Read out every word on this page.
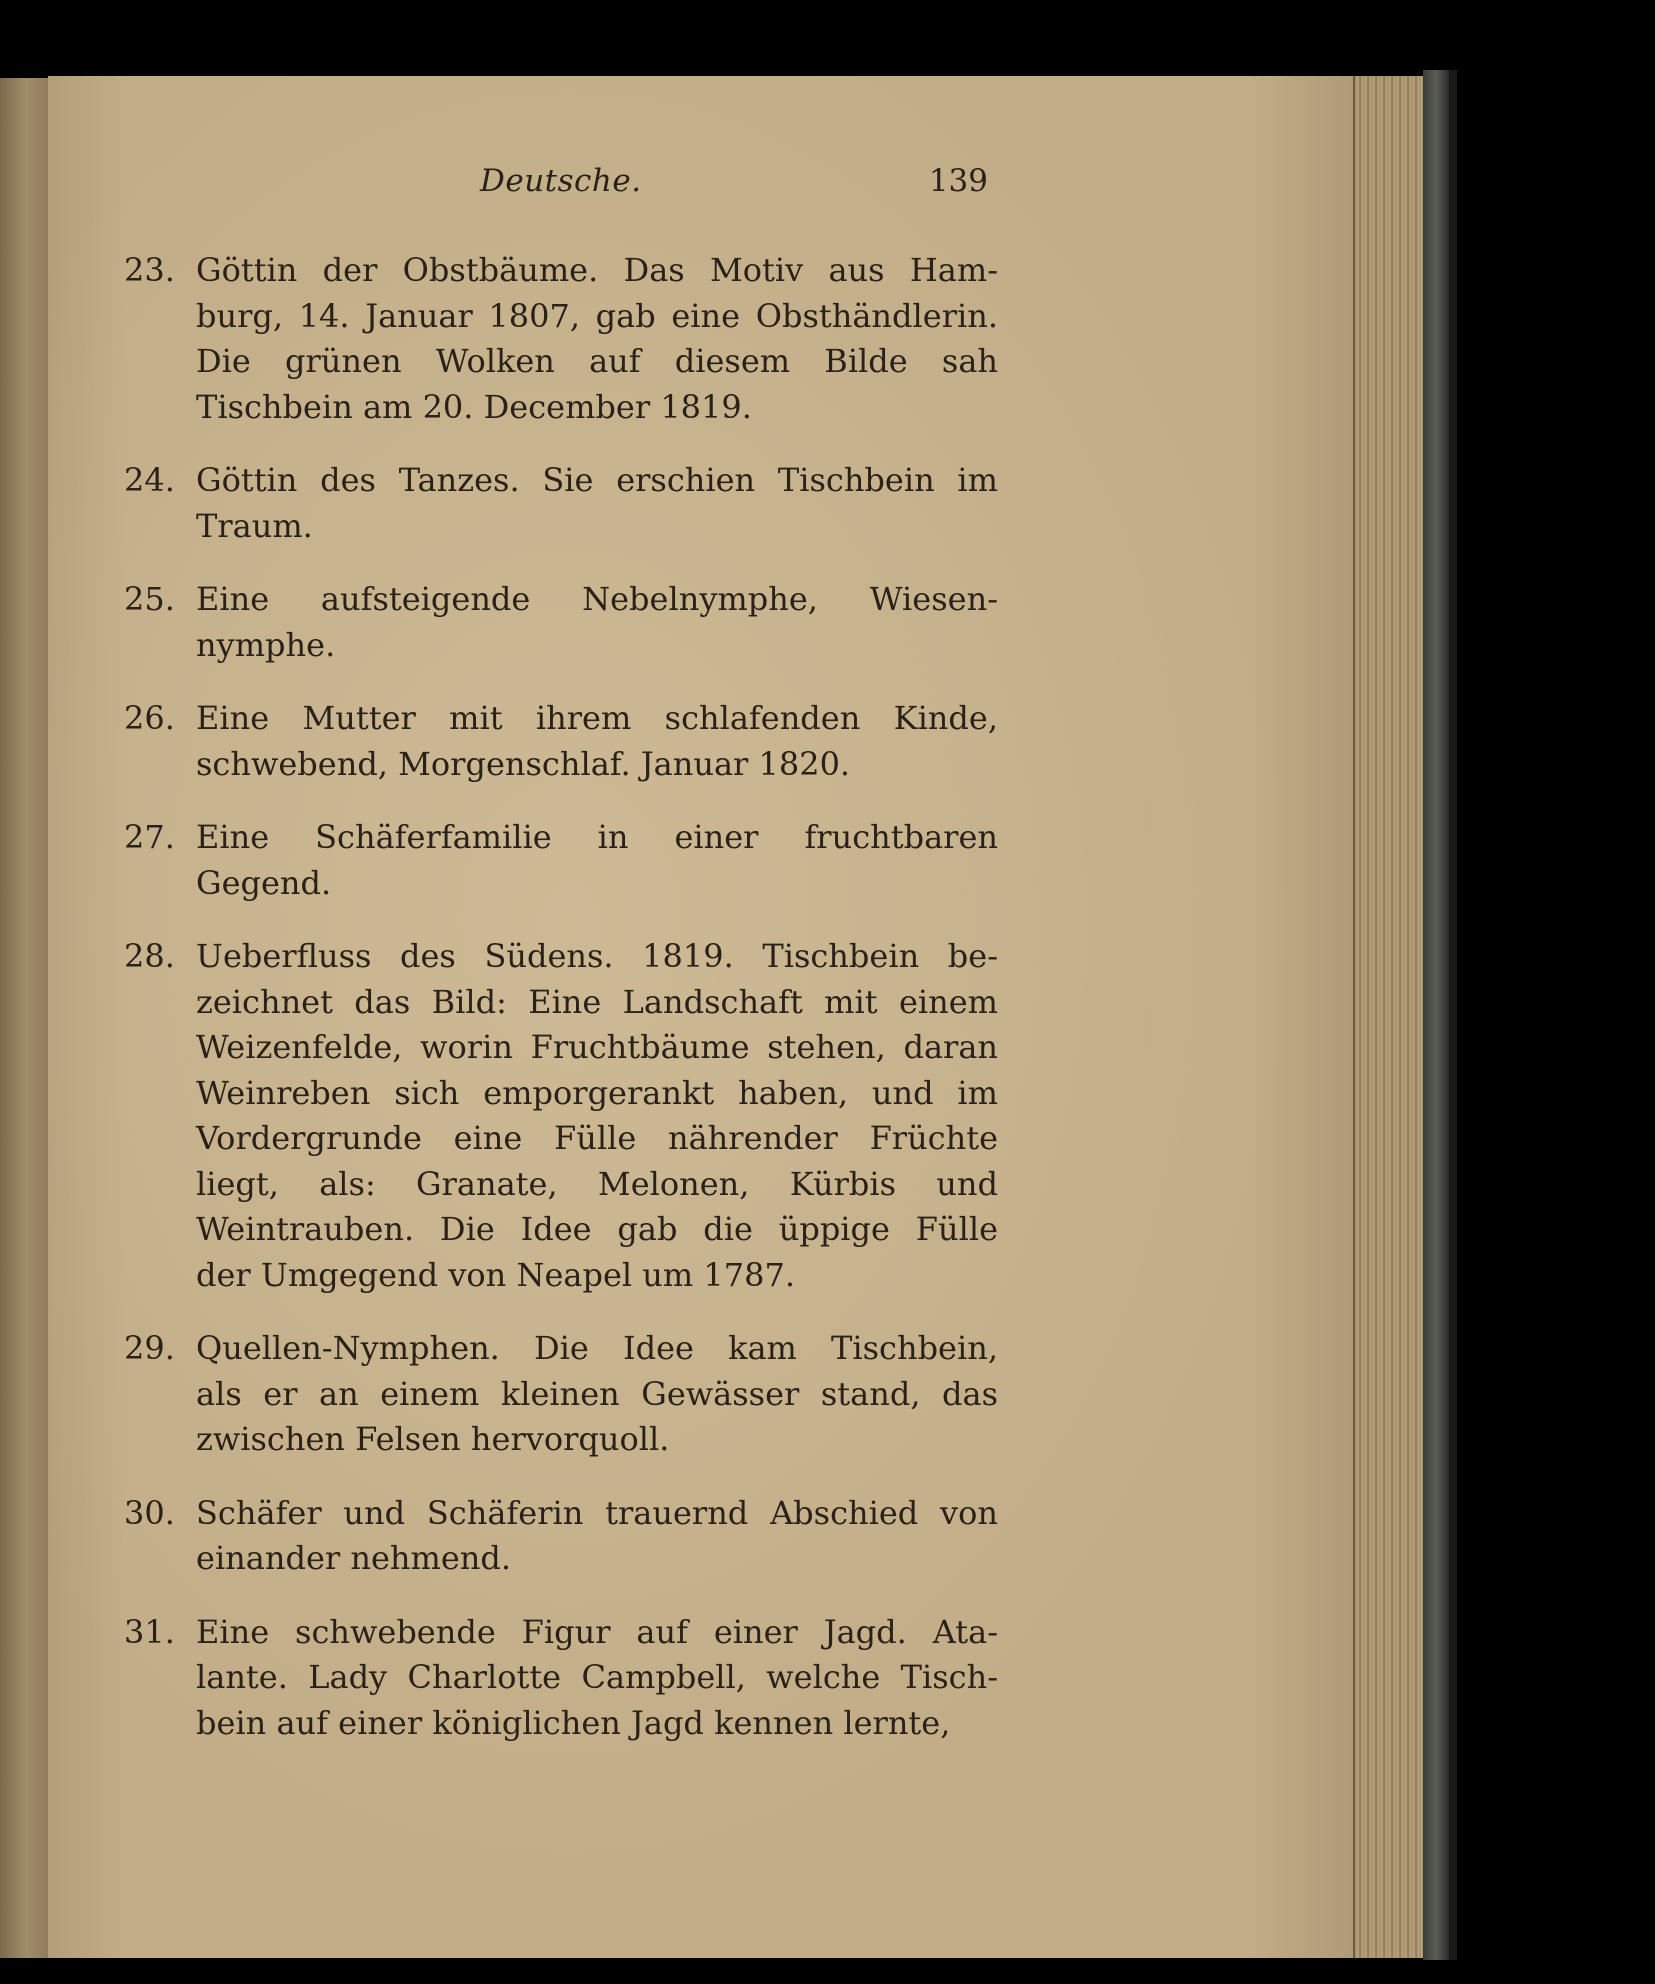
Deutsche.	139
23. Göttin der Obstbäume. Das Motiv aus Ham-
burg, 14. Januar 1807, gab eine Obsthändlerin.
Die grünen Wolken auf diesem Bilde sah
Tischbein am 20. December 1819.
24. Göttin des Tanzes. Sie erschien Tischbein im
Traum.
25. Eine aufsteigende Nebelnymphe, Wiesen-
nymphe.
26. Eine Mutter mit ihrem schlafenden Kinde,
schwebend, Morgenschlaf. Januar 1820.
27. Eine Schäferfamilie in einer fruchtbaren
Gegend.
28. Ueberfluss des Südens. 1819. Tischbein be-
zeichnet das Bild: Eine Landschaft mit einem
Weizenfelde, worin Fruchtbäume stehen, daran
Weinreben sich emporgerankt haben, und im
Vordergrunde eine Fülle nährender Früchte
liegt, als: Granate, Melonen, Kürbis und
Weintrauben. Die Idee gab die üppige Fülle
der Umgegend von Neapel um 1787.
29. Quellen-Nymphen. Die Idee kam Tischbein,
als er an einem kleinen Gewässer stand, das
zwischen Felsen hervorquoll.
30. Schäfer und Schäferin trauernd Abschied von
einander nehmend.
31. Eine schwebende Figur auf einer Jagd. Ata-
lante. Lady Charlotte Campbell, welche Tisch-
bein auf einer königlichen Jagd kennen lernte,
